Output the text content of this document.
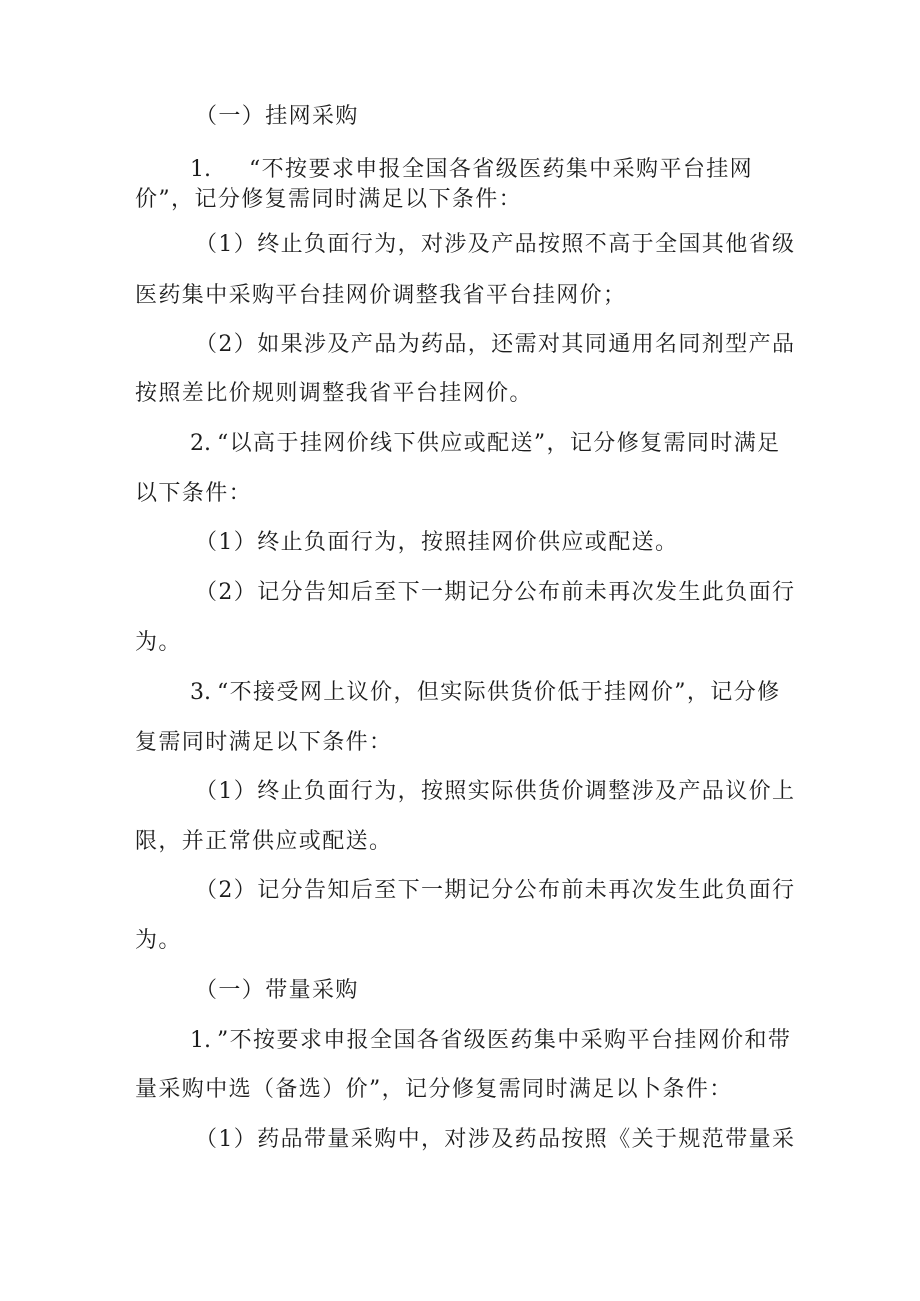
（一）挂网采购
1. “不按要求申报全国各省级医药集中采购平台挂网
价”，记分修复需同时满足以下条件：
（1）终止负面行为，对涉及产品按照不高于全国其他省级
医药集中采购平台挂网价调整我省平台挂网价；
（2）如果涉及产品为药品，还需对其同通用名同剂型产品
按照差比价规则调整我省平台挂网价。
2. “以高于挂网价线下供应或配送”，记分修复需同时满足
以下条件：
（1）终止负面行为，按照挂网价供应或配送。
（2）记分告知后至下一期记分公布前未再次发生此负面行
为。
3. “不接受网上议价，但实际供货价低于挂网价”，记分修
复需同时满足以下条件：
（1）终止负面行为，按照实际供货价调整涉及产品议价上
限，并正常供应或配送。
（2）记分告知后至下一期记分公布前未再次发生此负面行
为。
（一）带量采购
1. ”不按要求申报全国各省级医药集中采购平台挂网价和带
量采购中选（备选）价”，记分修复需同时满足以卜条件：
（1）药品带量采购中，对涉及药品按照《关于规范带量采
